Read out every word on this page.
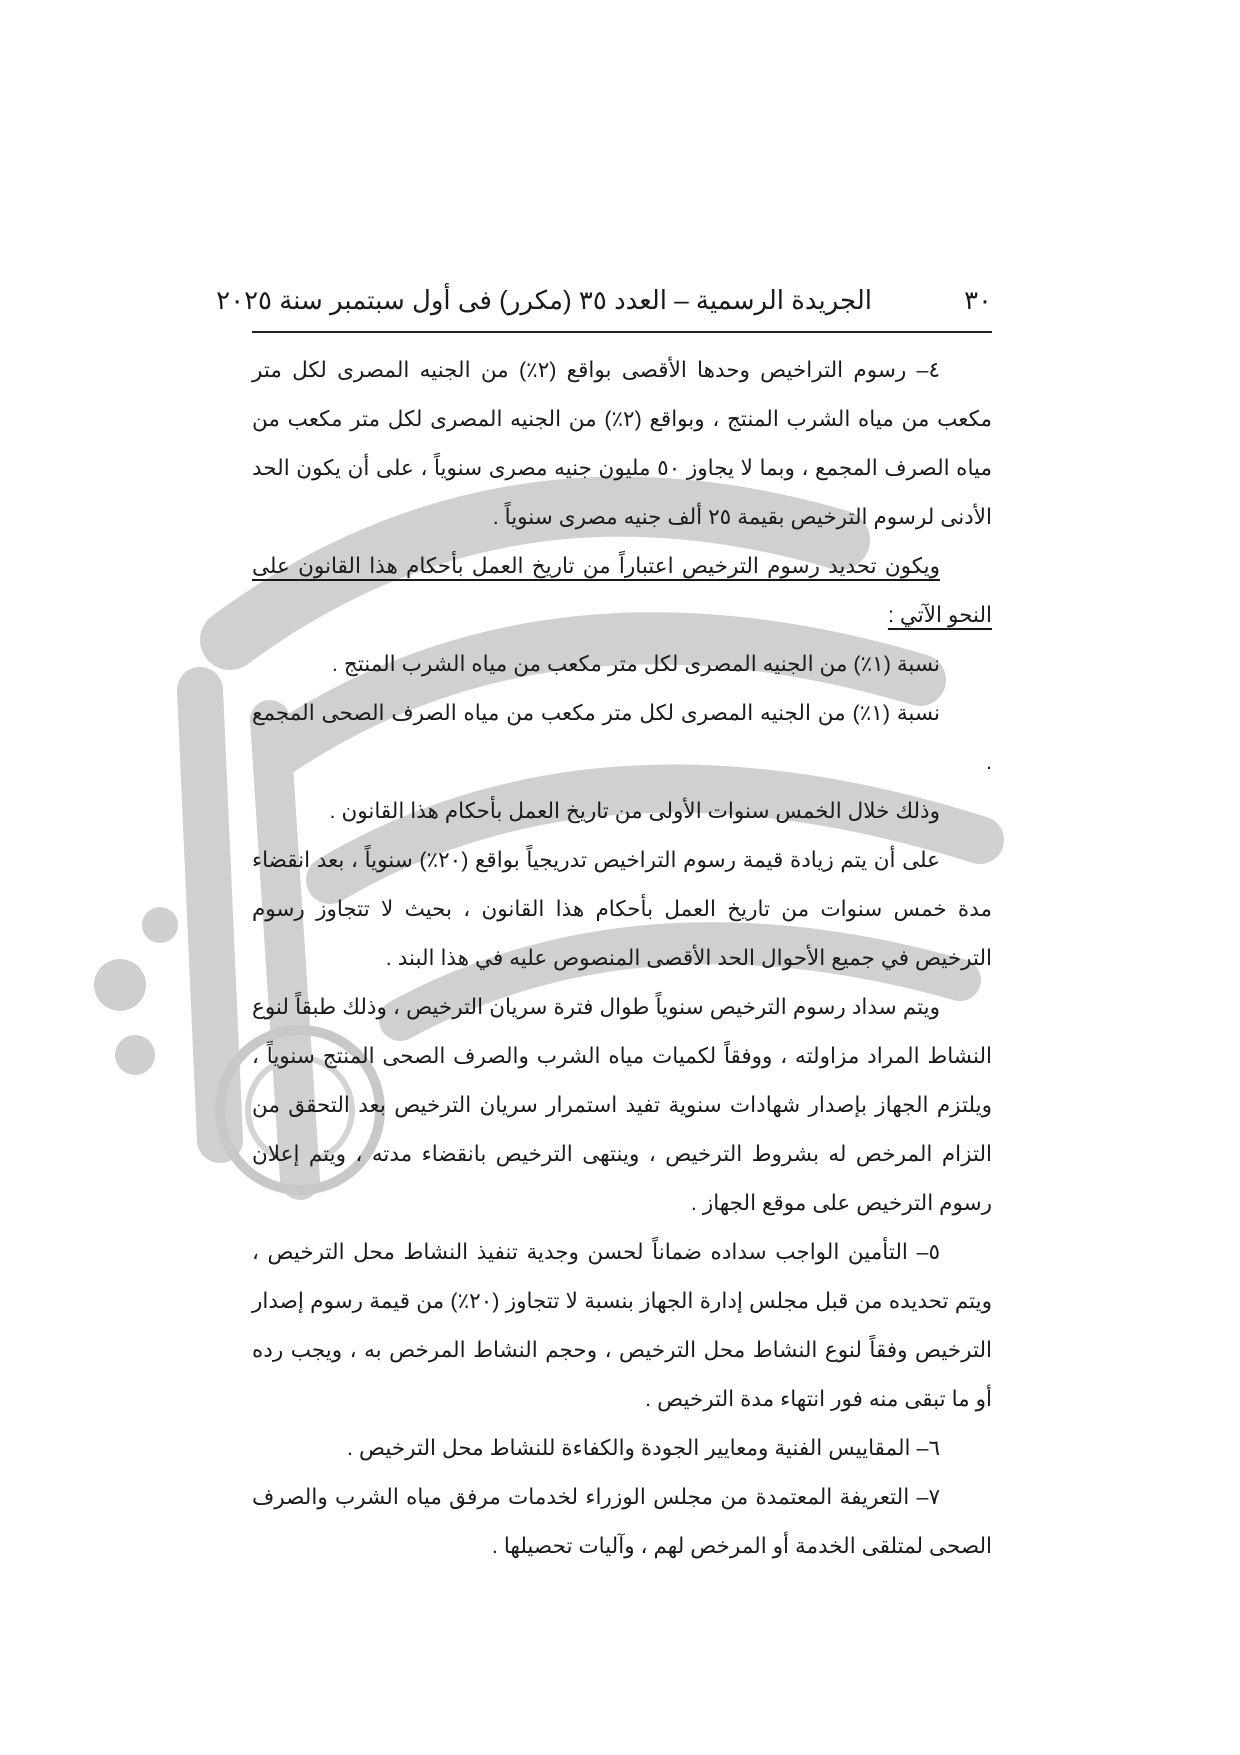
٣٠
الجريدة الرسمية – العدد ٣٥ (مكرر) فى أول سبتمبر سنة ٢٠٢٥

٤– رسوم التراخيص وحدها الأقصى بواقع (٢٪) من الجنيه المصرى لكل متر مكعب من مياه الشرب المنتج ، وبواقع (٢٪) من الجنيه المصرى لكل متر مكعب من مياه الصرف المجمع ، وبما لا يجاوز ٥٠ مليون جنيه مصرى سنوياً ، على أن يكون الحد الأدنى لرسوم الترخيص بقيمة ٢٥ ألف جنيه مصرى سنوياً .

ويكون تحديد رسوم الترخيص اعتباراً من تاريخ العمل بأحكام هذا القانون على النحو الآتي :

نسبة (١٪) من الجنيه المصرى لكل متر مكعب من مياه الشرب المنتج .

نسبة (١٪) من الجنيه المصرى لكل متر مكعب من مياه الصرف الصحى المجمع .

وذلك خلال الخمس سنوات الأولى من تاريخ العمل بأحكام هذا القانون .

على أن يتم زيادة قيمة رسوم التراخيص تدريجياً بواقع (٢٠٪) سنوياً ، بعد انقضاء مدة خمس سنوات من تاريخ العمل بأحكام هذا القانون ، بحيث لا تتجاوز رسوم الترخيص في جميع الأحوال الحد الأقصى المنصوص عليه في هذا البند .

ويتم سداد رسوم الترخيص سنوياً طوال فترة سريان الترخيص ، وذلك طبقاً لنوع النشاط المراد مزاولته ، ووفقاً لكميات مياه الشرب والصرف الصحى المنتج سنوياً ، ويلتزم الجهاز بإصدار شهادات سنوية تفيد استمرار سريان الترخيص بعد التحقق من التزام المرخص له بشروط الترخيص ، وينتهى الترخيص بانقضاء مدته ، ويتم إعلان رسوم الترخيص على موقع الجهاز .

٥– التأمين الواجب سداده ضماناً لحسن وجدية تنفيذ النشاط محل الترخيص ، ويتم تحديده من قبل مجلس إدارة الجهاز بنسبة لا تتجاوز (٢٠٪) من قيمة رسوم إصدار الترخيص وفقاً لنوع النشاط محل الترخيص ، وحجم النشاط المرخص به ، ويجب رده أو ما تبقى منه فور انتهاء مدة الترخيص .

٦– المقاييس الفنية ومعايير الجودة والكفاءة للنشاط محل الترخيص .

٧– التعريفة المعتمدة من مجلس الوزراء لخدمات مرفق مياه الشرب والصرف الصحى لمتلقى الخدمة أو المرخص لهم ، وآليات تحصيلها .
